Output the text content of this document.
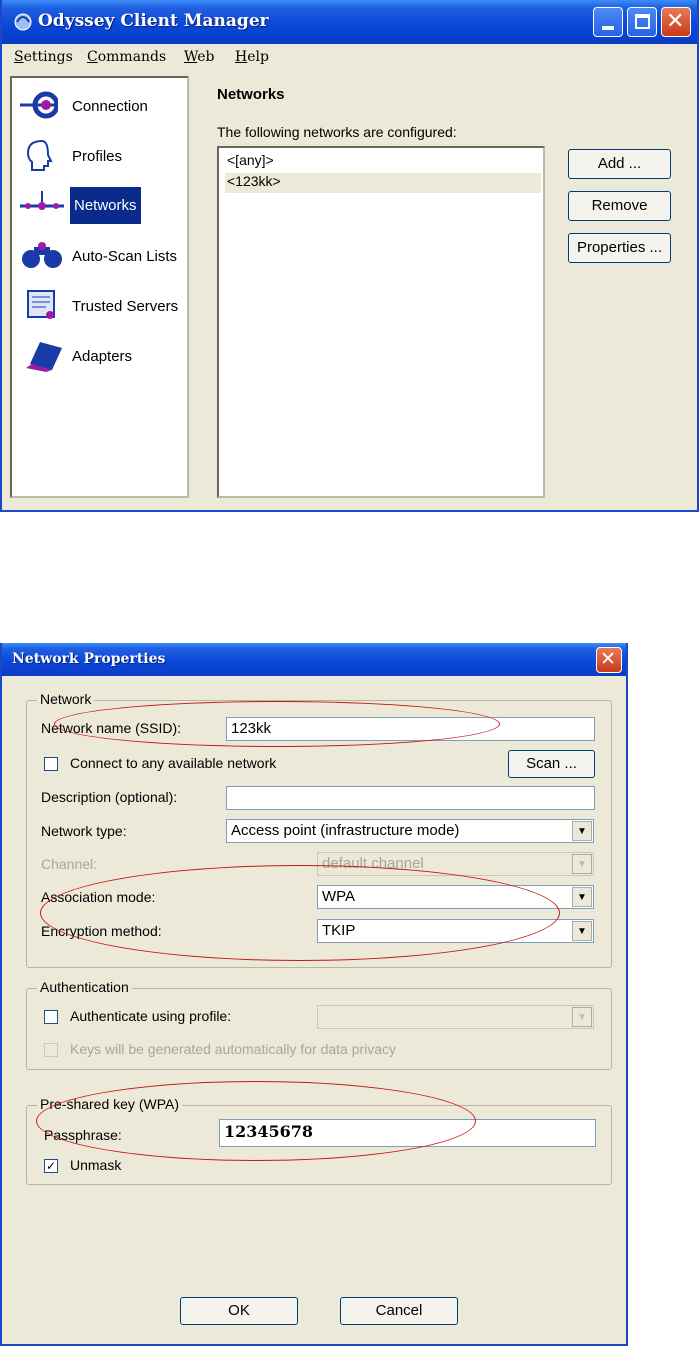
Odyssey Client Manager	✕
Settings Commands Web Help
Connection
Profiles
Networks
Auto-Scan Lists
Trusted Servers
Adapters
Networks
The following networks are configured:
<[any]>
<123kk>
Add ...
Remove
Properties ...
Network Properties	✕
Network
Network name (SSID):	123kk
Connect to any available network	Scan ...
Description (optional):
Network type:	Access point (infrastructure mode)	▼
Channel:	default channel	▼
Association mode:	WPA	▼
Encryption method:	TKIP	▼
Authentication
Authenticate using profile:	▼
Keys will be generated automatically for data privacy
Pre-shared key (WPA)
Passphrase:	12345678
✓ Unmask
OK	Cancel
